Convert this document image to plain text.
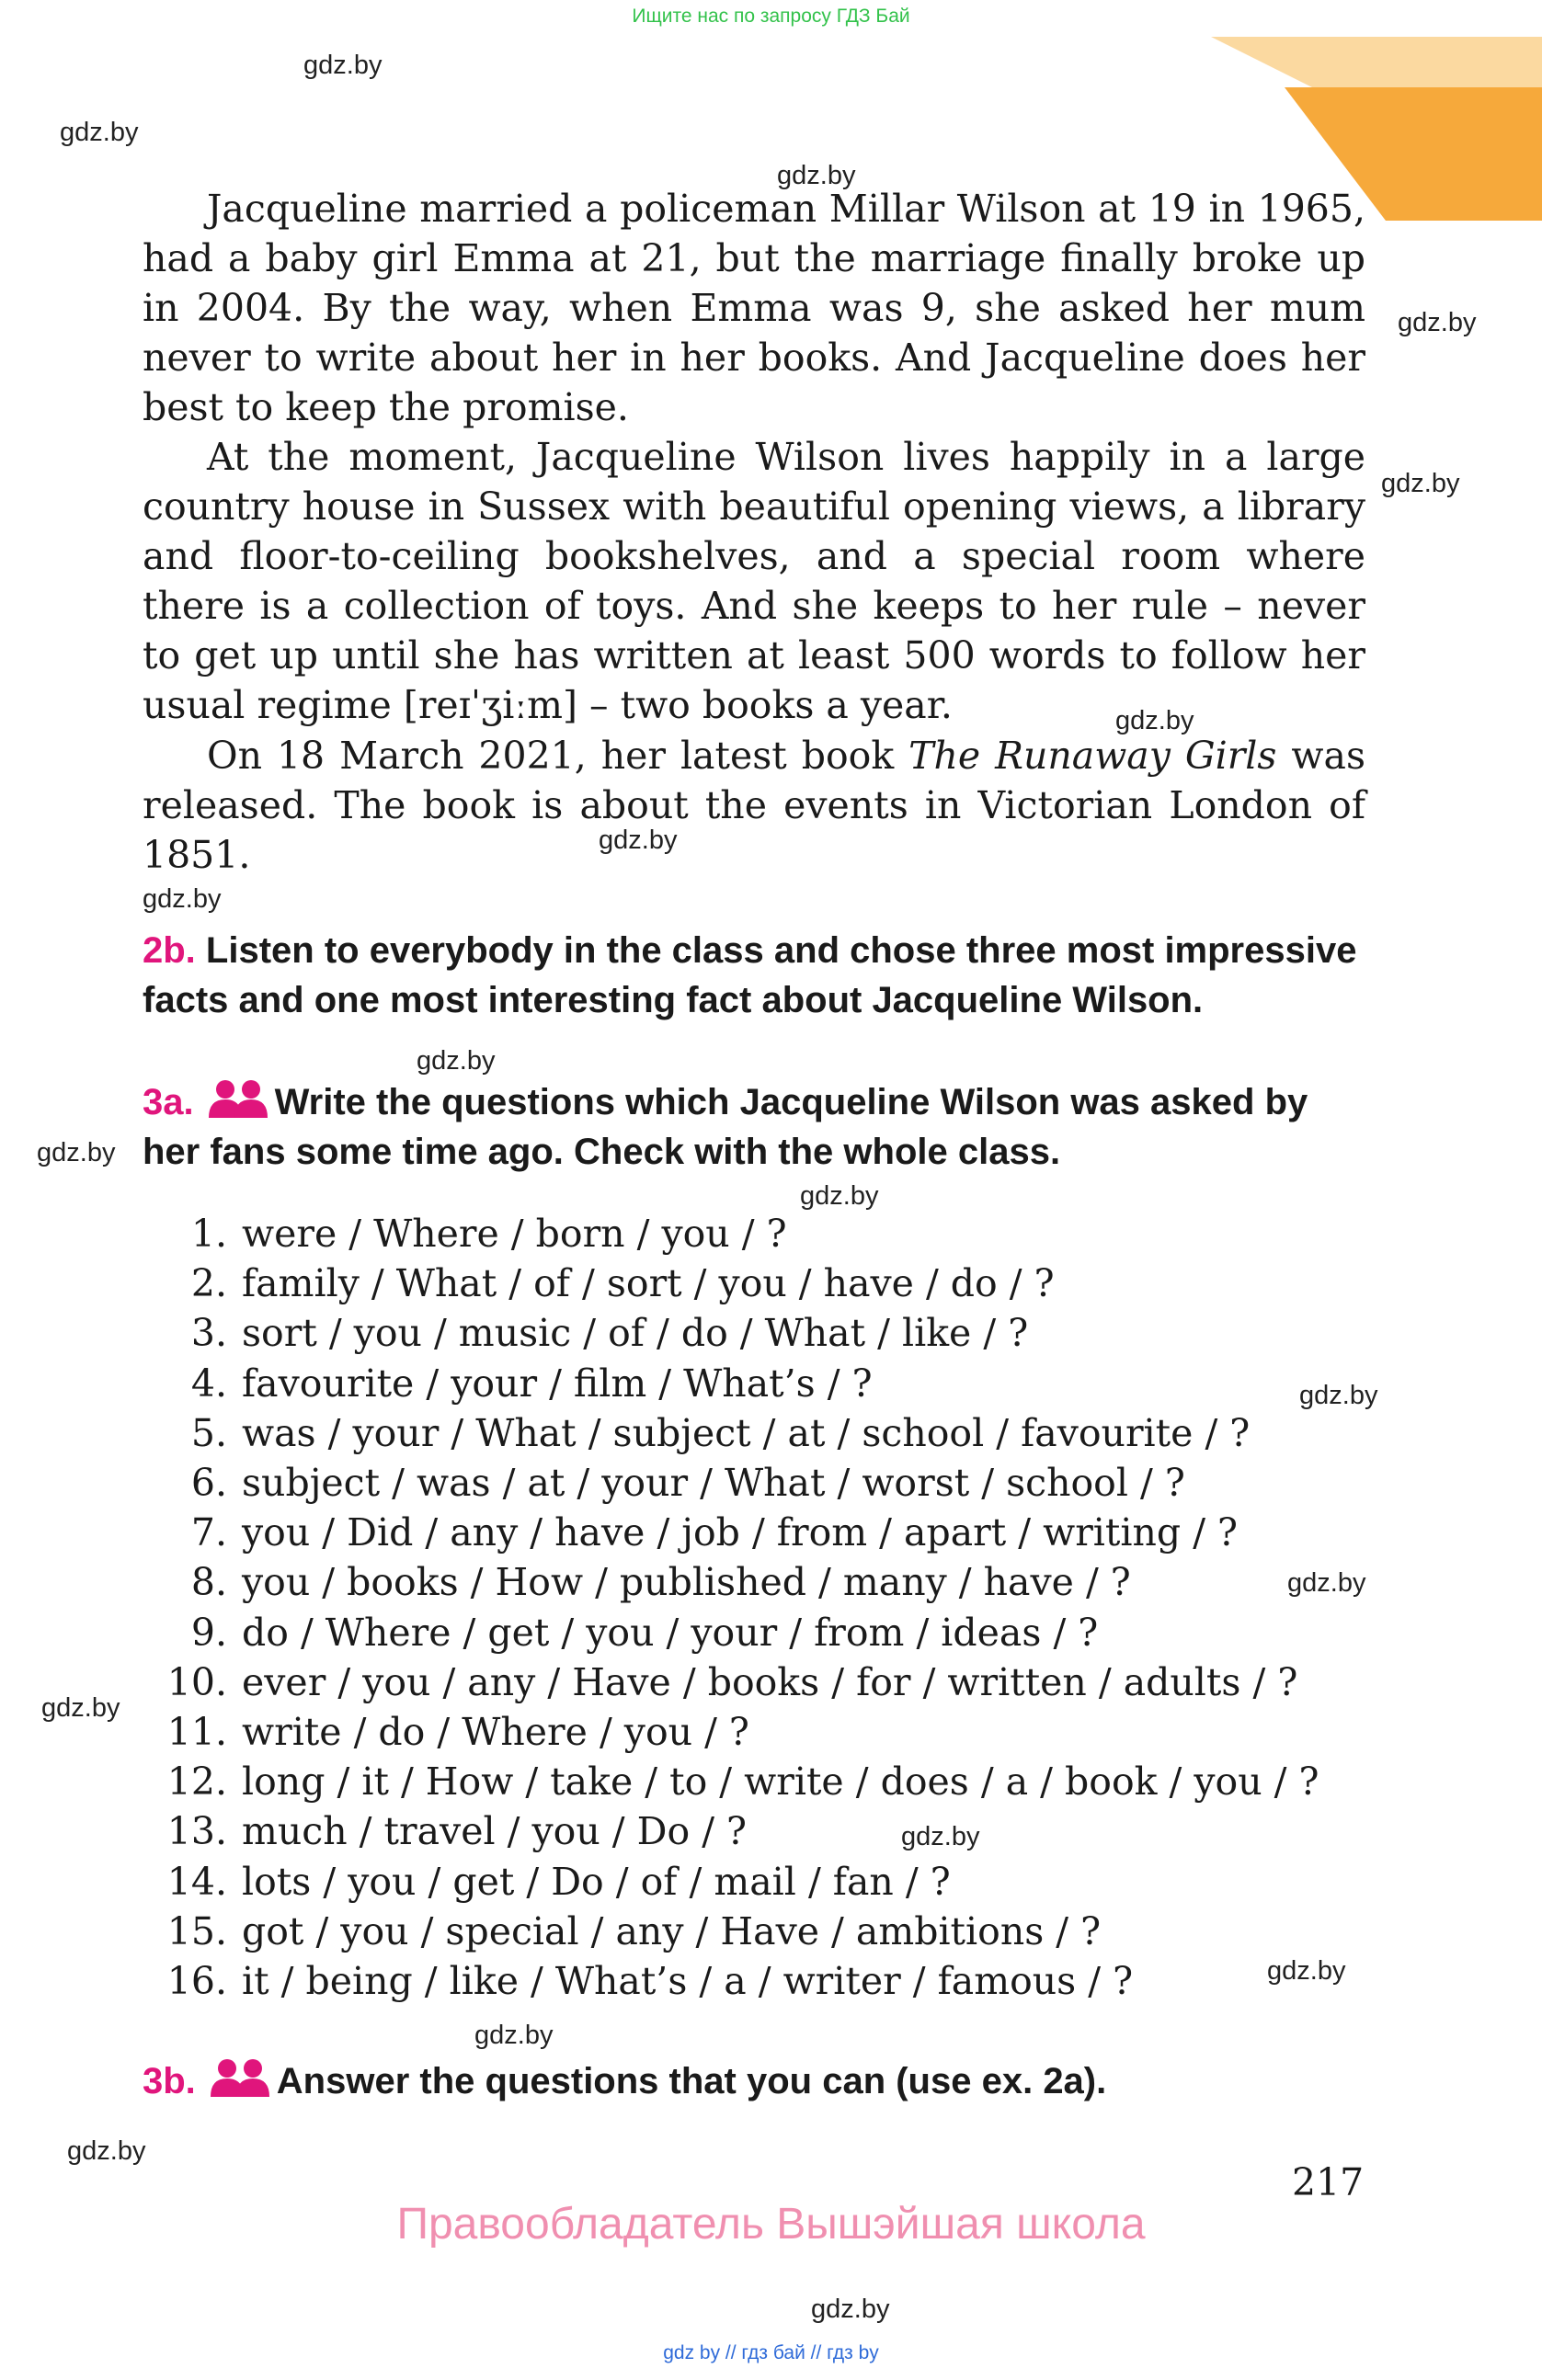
Ищите нас по запросу ГДЗ Бай
gdz.by
gdz.by
gdz.by
gdz.by
gdz.by
gdz.by
gdz.by
gdz.by
gdz.by
gdz.by
gdz.by
gdz.by
gdz.by
gdz.by
gdz.by
gdz.by
gdz.by
gdz.by
gdz.by

Jacqueline married a policeman Millar Wilson at 19 in 1965, had a baby girl Emma at 21, but the marriage finally broke up in 2004. By the way, when Emma was 9, she asked her mum never to write about her in her books. And Jacqueline does her best to keep the promise.

At the moment, Jacqueline Wilson lives happily in a large country house in Sussex with beautiful opening views, a library and floor-to-ceiling bookshelves, and a special room where there is a collection of toys. And she keeps to her rule – never to get up until she has written at least 500 words to follow her usual regime [reɪˈʒiːm] – two books a year.

On 18 March 2021, her latest book The Runaway Girls was released. The book is about the events in Victorian London of 1851.

2b. Listen to everybody in the class and chose three most impressive facts and one most interesting fact about Jacqueline Wilson.

3a. Write the questions which Jacqueline Wilson was asked by her fans some time ago. Check with the whole class.

1. were / Where / born / you / ?
2. family / What / of / sort / you / have / do / ?
3. sort / you / music / of / do / What / like / ?
4. favourite / your / film / What’s / ?
5. was / your / What / subject / at / school / favourite / ?
6. subject / was / at / your / What / worst / school / ?
7. you / Did / any / have / job / from / apart / writing / ?
8. you / books / How / published / many / have / ?
9. do / Where / get / you / your / from / ideas / ?
10. ever / you / any / Have / books / for / written / adults / ?
11. write / do / Where / you / ?
12. long / it / How / take / to / write / does / a / book / you / ?
13. much / travel / you / Do / ?
14. lots / you / get / Do / of / mail / fan / ?
15. got / you / special / any / Have / ambitions / ?
16. it / being / like / What’s / a / writer / famous / ?

3b. Answer the questions that you can (use ex. 2a).

217
Правообладатель Вышэйшая школа
gdz by // гдз бай // гдз by
